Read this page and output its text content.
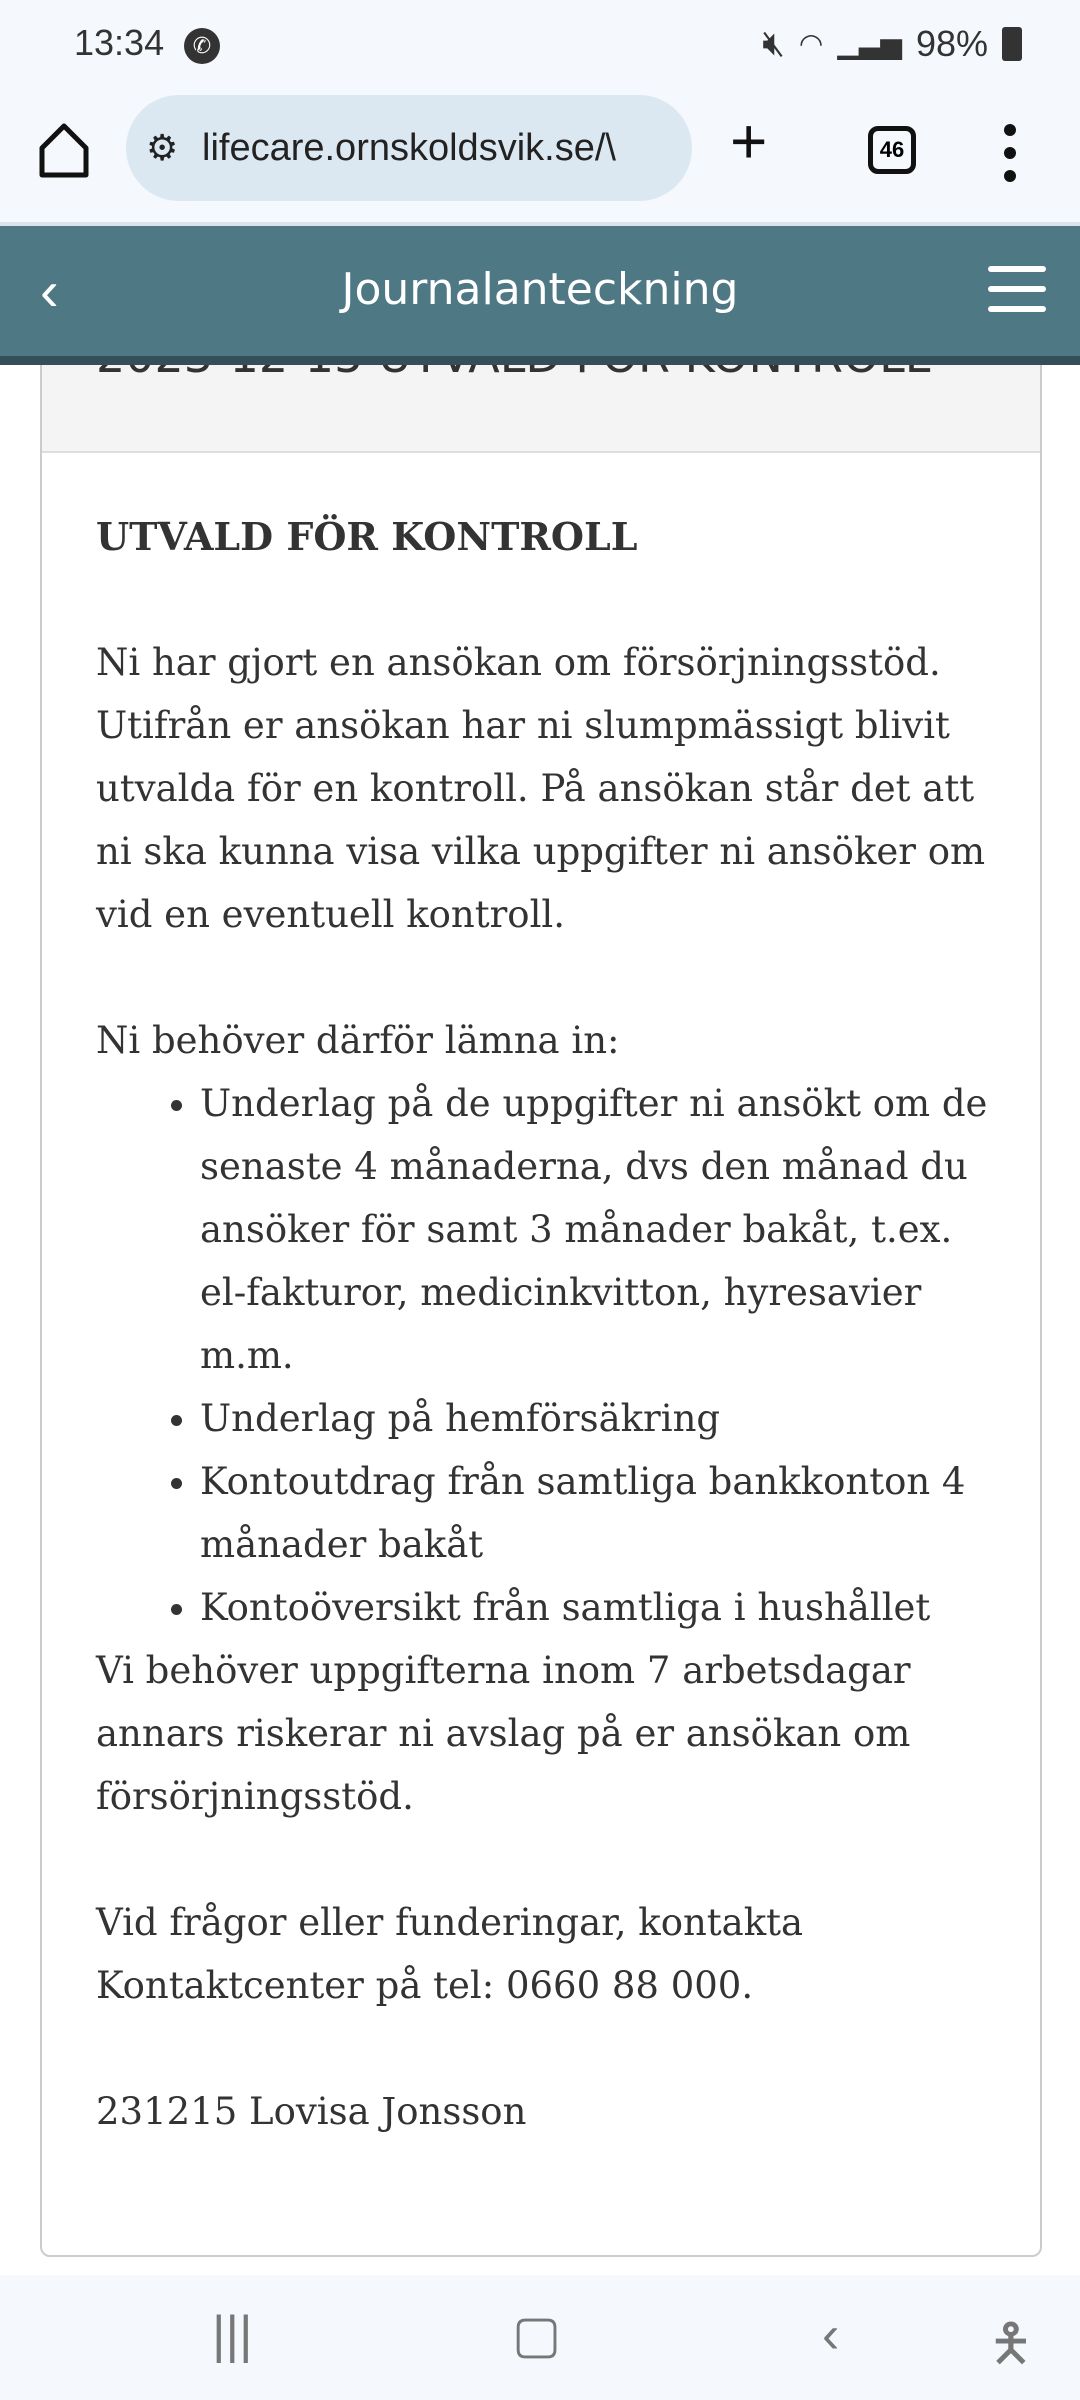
13:34	✆	🔇︎ ◠ ▁▃▅ 98%
⚙ lifecare.ornskoldsvik.se/\ +	46
UTVALD FÖR KONTROLL

Ni har gjort en ansökan om försörjningsstöd. Utifrån er ansökan har ni slumpmässigt blivit utvalda för en kontroll. På ansökan står det att ni ska kunna visa vilka uppgifter ni ansöker om vid en eventuell kontroll.

Ni behöver därför lämna in:

• Underlag på de uppgifter ni ansökt om de senaste 4 månaderna, dvs den månad du ansöker för samt 3 månader bakåt, t.ex. el-fakturor, medicinkvitton, hyresavier m.m.
• Underlag på hemförsäkring
• Kontoutdrag från samtliga bankkonton 4 månader bakåt
• Kontoöversikt från samtliga i hushållet

Vi behöver uppgifterna inom 7 arbetsdagar annars riskerar ni avslag på er ansökan om försörjningsstöd.

Vid frågor eller funderingar, kontakta Kontaktcenter på tel: 0660 88 000.

231215 Lovisa Jonsson

‹	Journalanteckning
|||	▢	‹	🯅
